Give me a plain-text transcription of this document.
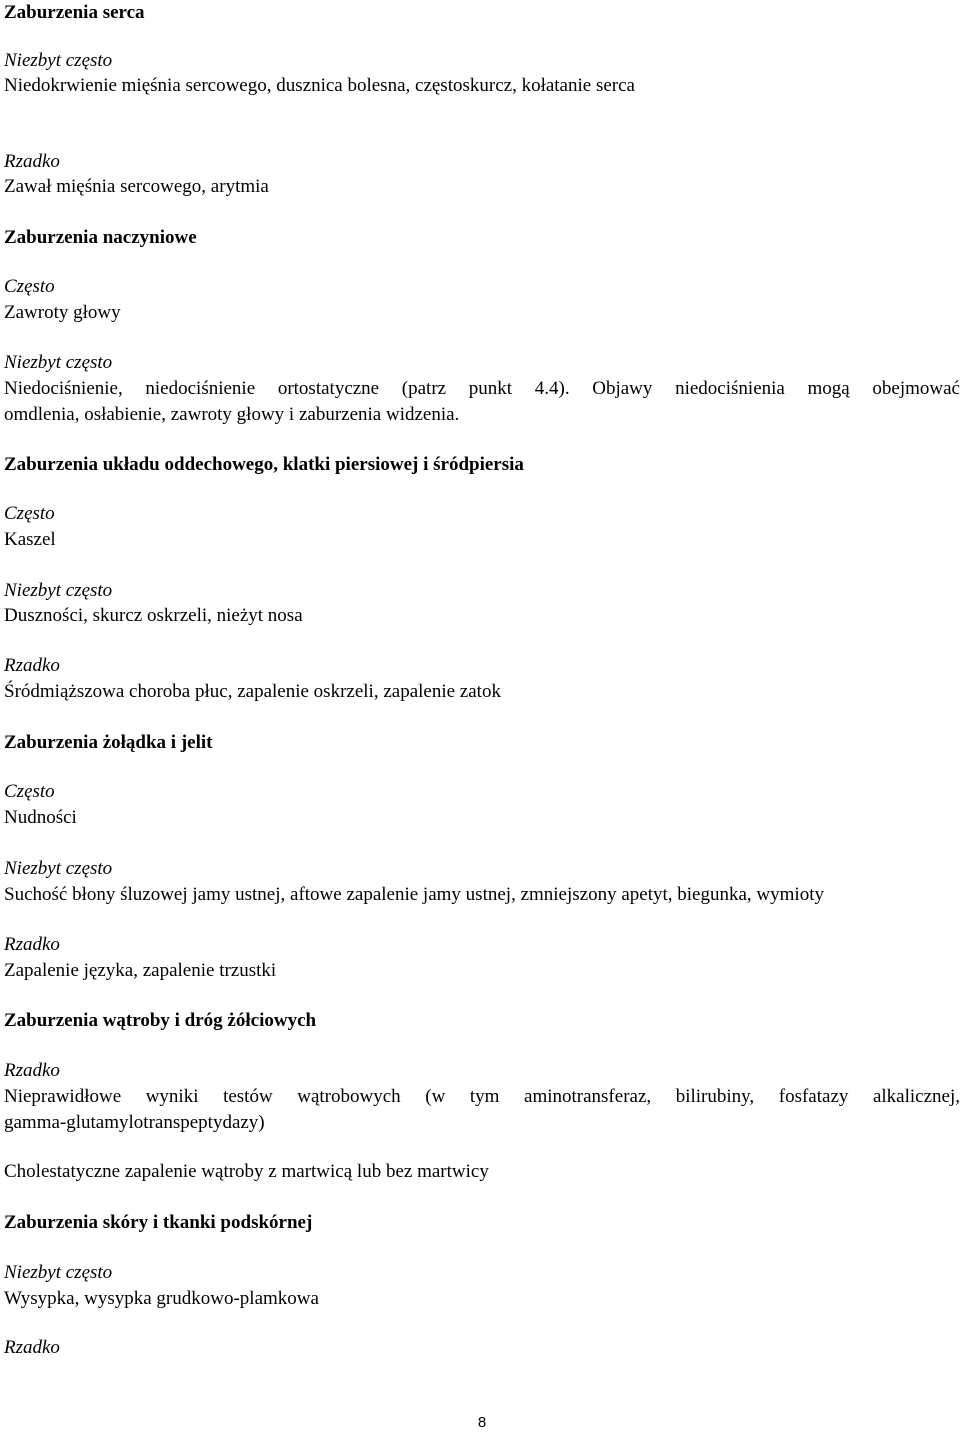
Zaburzenia serca
Niezbyt często
Niedokrwienie mięśnia sercowego, dusznica bolesna, częstoskurcz, kołatanie serca
Rzadko
Zawał mięśnia sercowego, arytmia
Zaburzenia naczyniowe
Często
Zawroty głowy
Niezbyt często
Niedociśnienie, niedociśnienie ortostatyczne (patrz punkt 4.4). Objawy niedociśnienia mogą obejmować
omdlenia, osłabienie, zawroty głowy i zaburzenia widzenia.
Zaburzenia układu oddechowego, klatki piersiowej i śródpiersia
Często
Kaszel
Niezbyt często
Duszności, skurcz oskrzeli, nieżyt nosa
Rzadko
Śródmiąższowa choroba płuc, zapalenie oskrzeli, zapalenie zatok
Zaburzenia żołądka i jelit
Często
Nudności
Niezbyt często
Suchość błony śluzowej jamy ustnej, aftowe zapalenie jamy ustnej, zmniejszony apetyt, biegunka, wymioty
Rzadko
Zapalenie języka, zapalenie trzustki
Zaburzenia wątroby i dróg żółciowych
Rzadko
Nieprawidłowe wyniki testów wątrobowych (w tym aminotransferaz, bilirubiny, fosfatazy alkalicznej,
gamma-glutamylotranspeptydazy)
Cholestatyczne zapalenie wątroby z martwicą lub bez martwicy
Zaburzenia skóry i tkanki podskórnej
Niezbyt często
Wysypka, wysypka grudkowo-plamkowa
Rzadko
8
